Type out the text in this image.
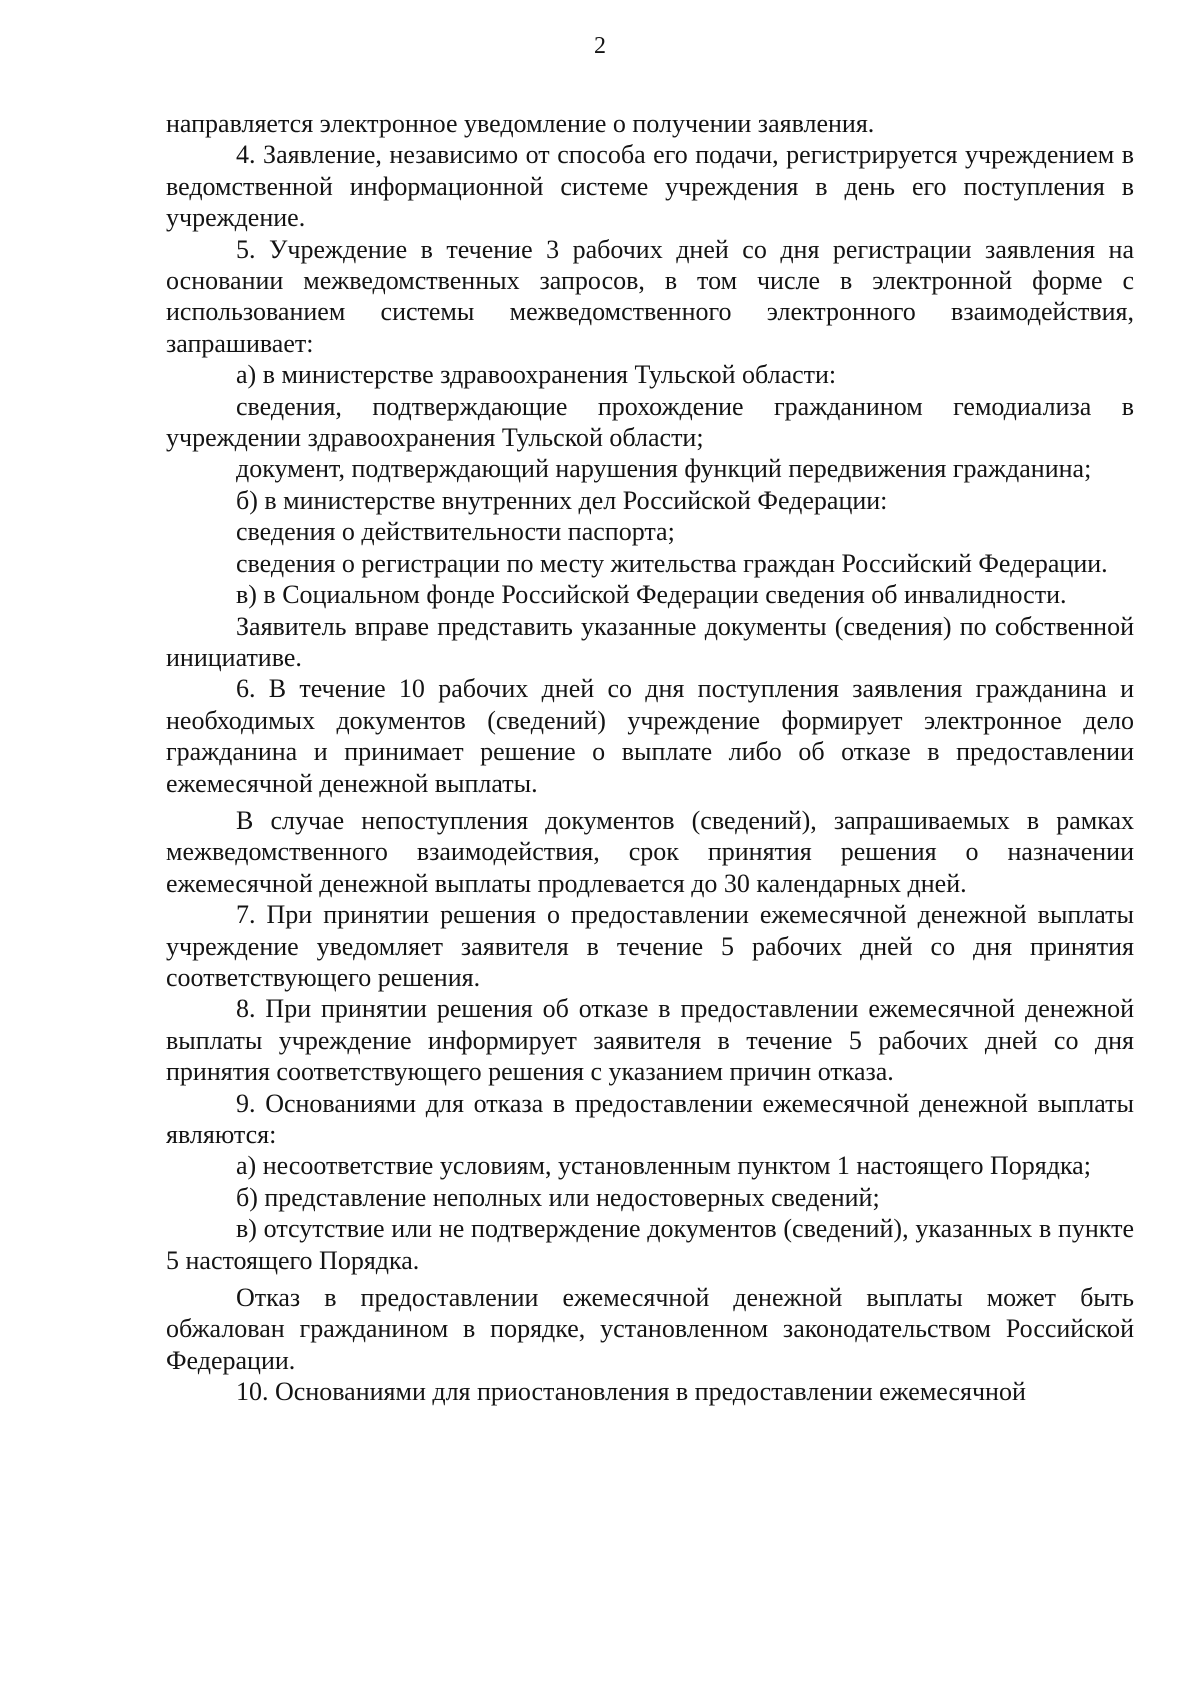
2

направляется электронное уведомление о получении заявления.

4. Заявление, независимо от способа его подачи, регистрируется учреждением в ведомственной информационной системе учреждения в день его поступления в учреждение.

5. Учреждение в течение 3 рабочих дней со дня регистрации заявления на основании межведомственных запросов, в том числе в электронной форме с использованием системы межведомственного электронного взаимодействия, запрашивает:

а) в министерстве здравоохранения Тульской области:

сведения, подтверждающие прохождение гражданином гемодиализа в учреждении здравоохранения Тульской области;

документ, подтверждающий нарушения функций передвижения гражданина;

б) в министерстве внутренних дел Российской Федерации:

сведения о действительности паспорта;

сведения о регистрации по месту жительства граждан Российский Федерации.

в) в Социальном фонде Российской Федерации сведения об инвалидности.

Заявитель вправе представить указанные документы (сведения) по собственной инициативе.

6. В течение 10 рабочих дней со дня поступления заявления гражданина и необходимых документов (сведений) учреждение формирует электронное дело гражданина и принимает решение о выплате либо об отказе в предоставлении ежемесячной денежной выплаты.

В случае непоступления документов (сведений), запрашиваемых в рамках межведомственного взаимодействия, срок принятия решения о назначении ежемесячной денежной выплаты продлевается до 30 календарных дней.

7. При принятии решения о предоставлении ежемесячной денежной выплаты учреждение уведомляет заявителя в течение 5 рабочих дней со дня принятия соответствующего решения.

8. При принятии решения об отказе в предоставлении ежемесячной денежной выплаты учреждение информирует заявителя в течение 5 рабочих дней со дня принятия соответствующего решения с указанием причин отказа.

9. Основаниями для отказа в предоставлении ежемесячной денежной выплаты являются:

а) несоответствие условиям, установленным пунктом 1 настоящего Порядка;

б) представление неполных или недостоверных сведений;

в) отсутствие или не подтверждение документов (сведений), указанных в пункте 5 настоящего Порядка.

Отказ в предоставлении ежемесячной денежной выплаты может быть обжалован гражданином в порядке, установленном законодательством Российской Федерации.

10. Основаниями для приостановления в предоставлении ежемесячной
